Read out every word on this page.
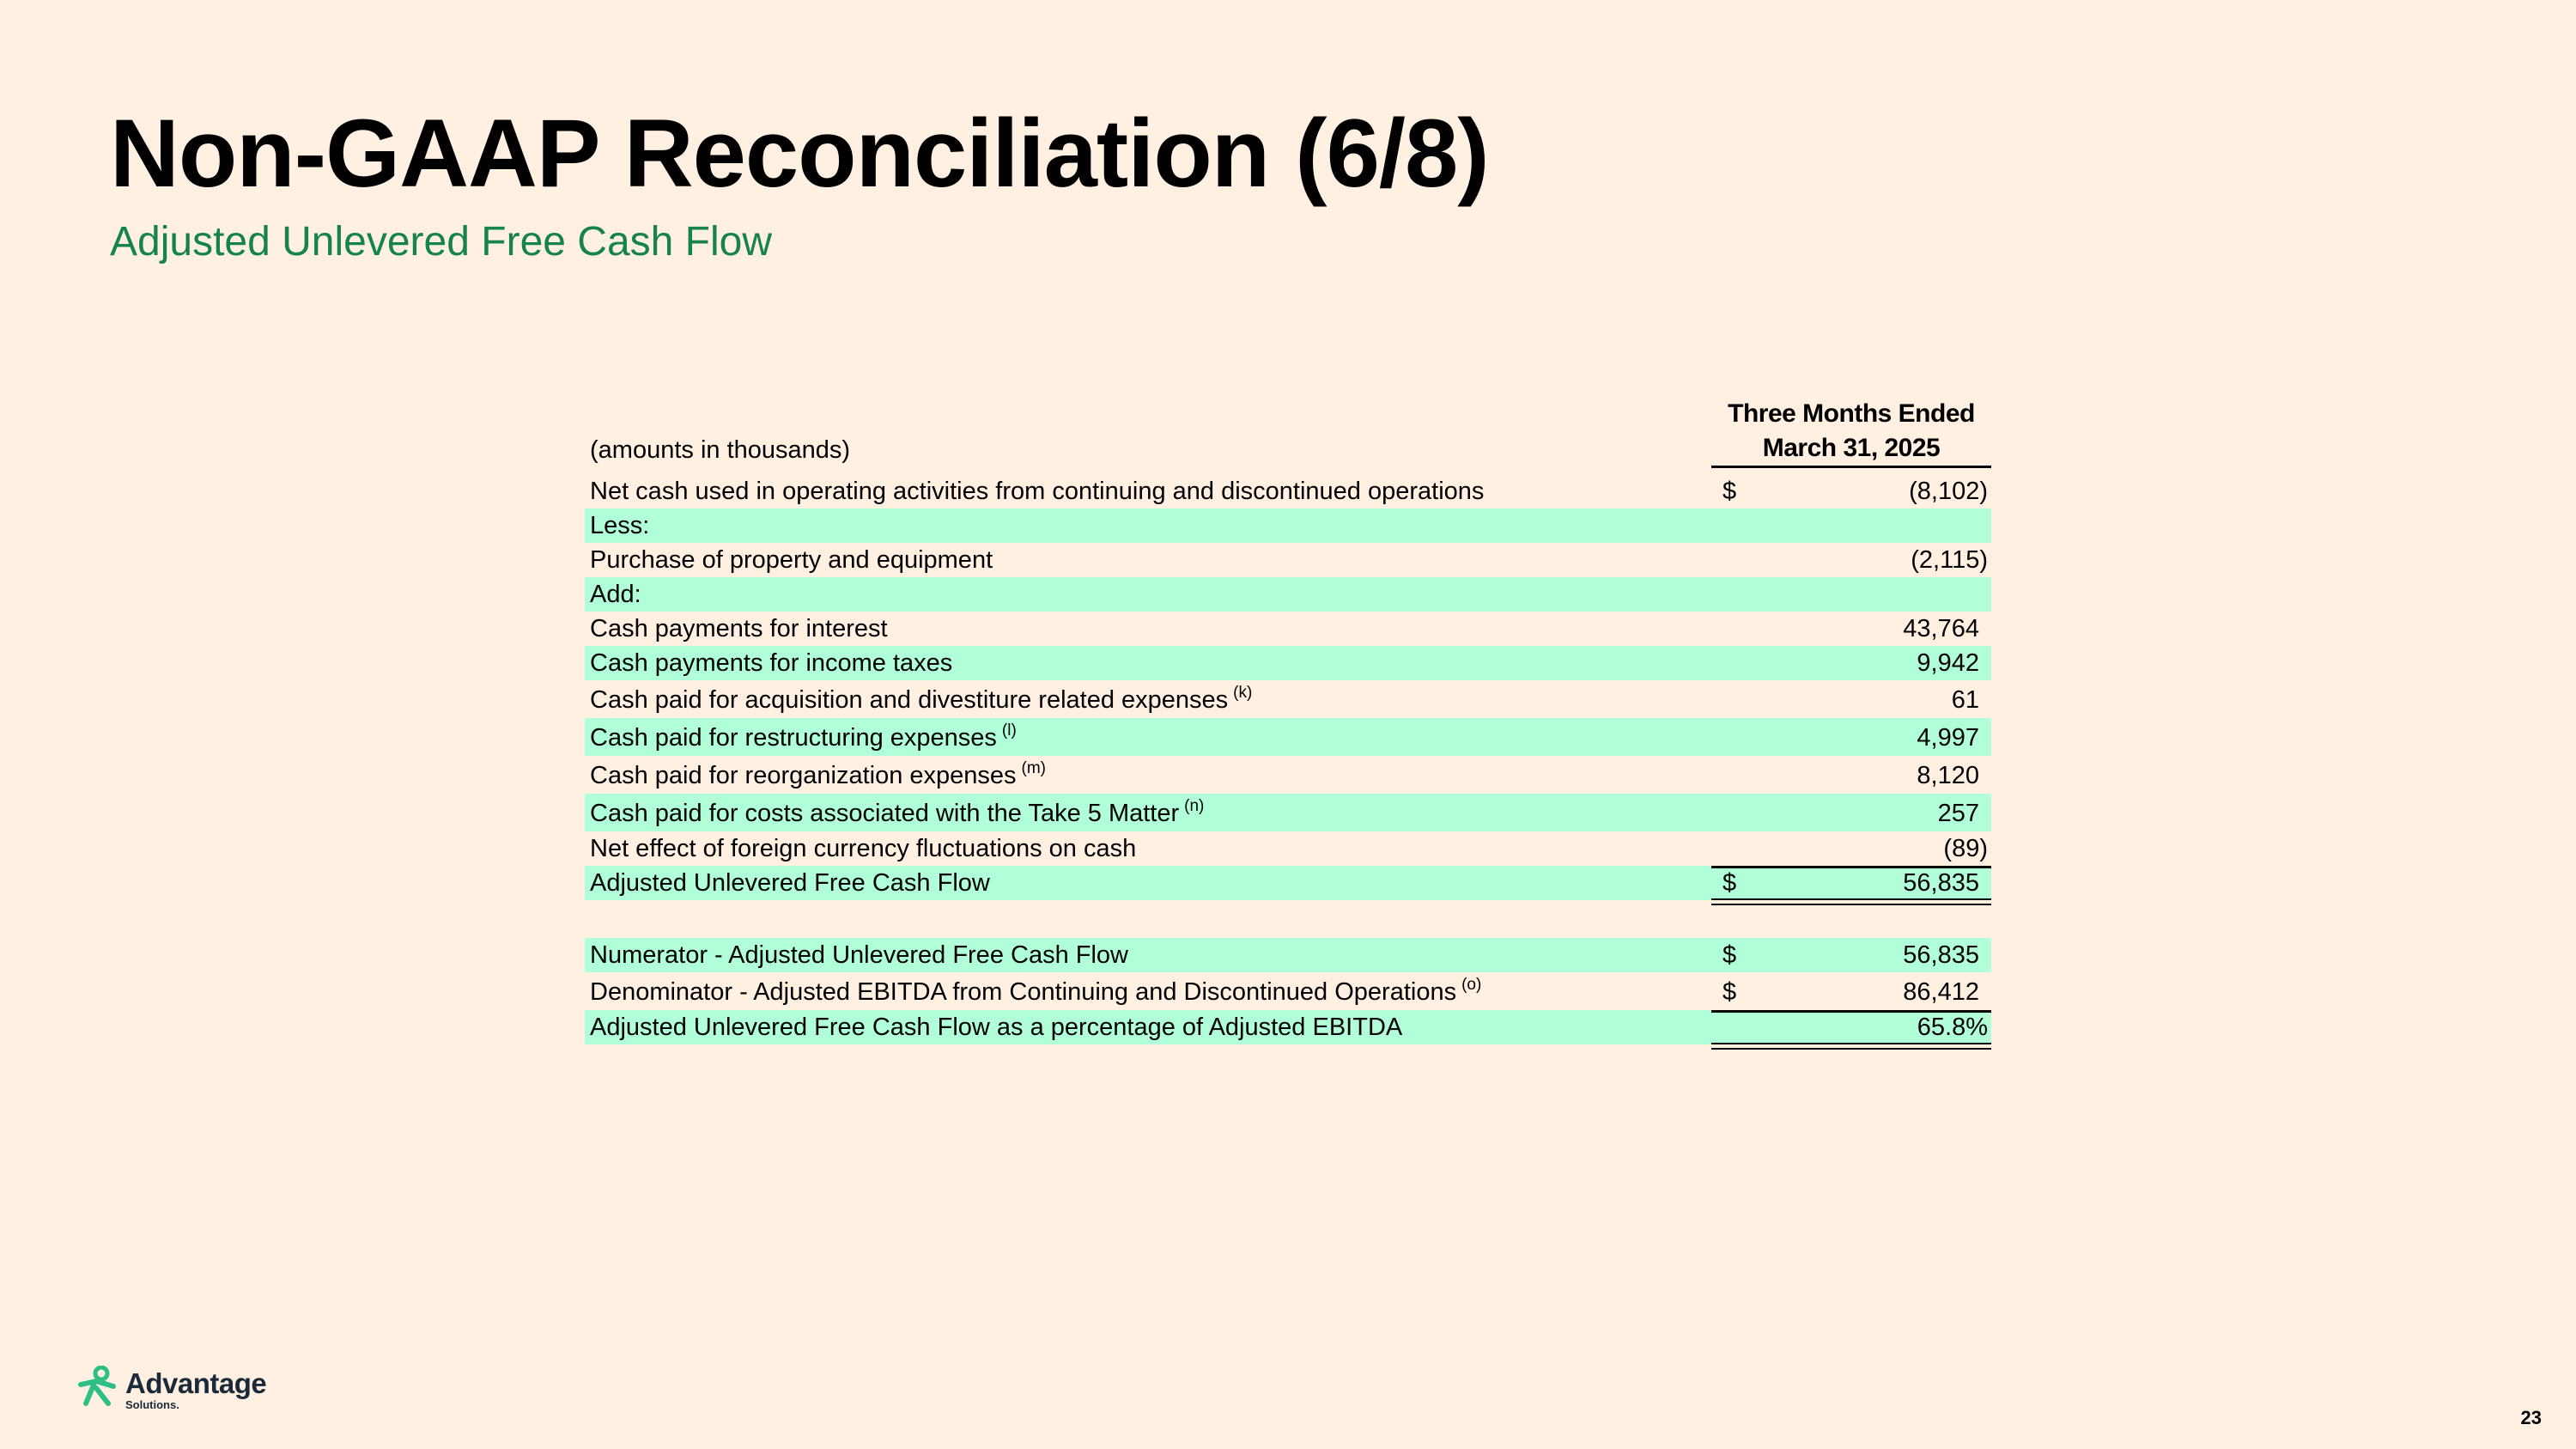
Non-GAAP Reconciliation (6/8)
Adjusted Unlevered Free Cash Flow
(amounts in thousands)
Three Months Ended
March 31, 2025
Net cash used in operating activities from continuing and discontinued operations	$	(8,102)
Less:
Purchase of property and equipment	(2,115)
Add:
Cash payments for interest	43,764
Cash payments for income taxes	9,942
Cash paid for acquisition and divestiture related expenses $^{(k)}$	61
Cash paid for restructuring expenses $^{(l)}$	4,997
Cash paid for reorganization expenses $^{(m)}$	8,120
Cash paid for costs associated with the Take 5 Matter $^{(n)}$	257
Net effect of foreign currency fluctuations on cash	(89)
Adjusted Unlevered Free Cash Flow	$	56,835
Numerator - Adjusted Unlevered Free Cash Flow	$	56,835
Denominator - Adjusted EBITDA from Continuing and Discontinued Operations $^{(o)}$	$	86,412
Adjusted Unlevered Free Cash Flow as a percentage of Adjusted EBITDA	65.8%
Advantage
Solutions.
23
